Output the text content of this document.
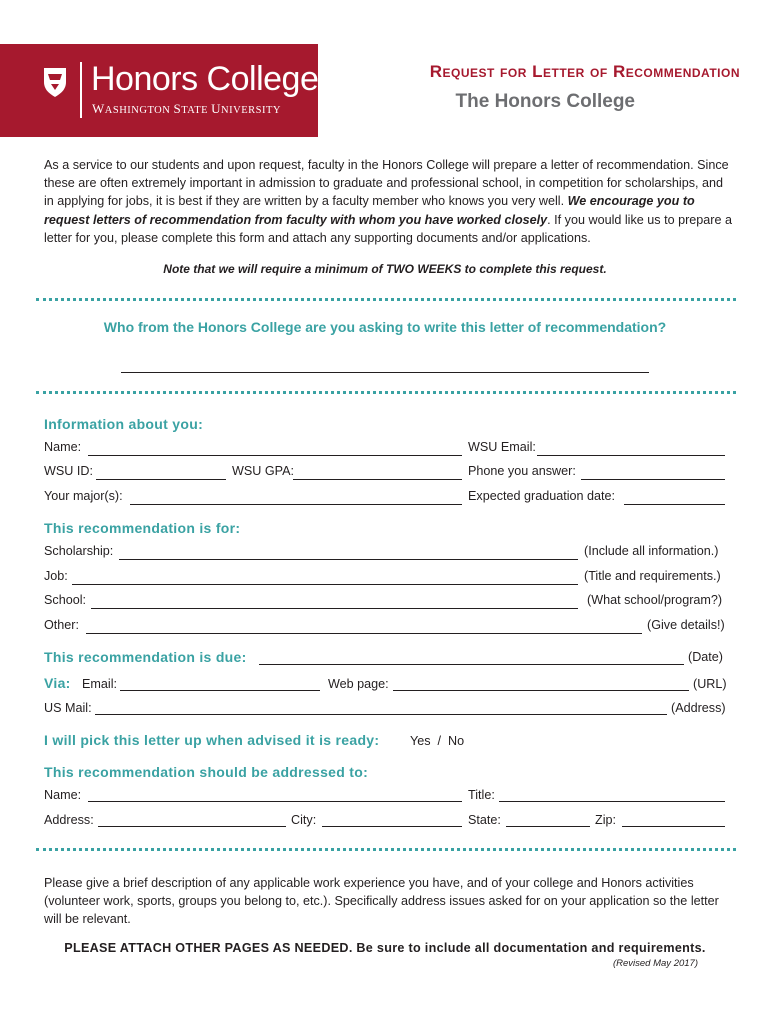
Honors College
WASHINGTON STATE UNIVERSITY
Request for Letter of Recommendation
The Honors College
As a service to our students and upon request, faculty in the Honors College will prepare a letter of recommendation. Since these are often extremely important in admission to graduate and professional school, in competition for scholarships, and in applying for jobs, it is best if they are written by a faculty member who knows you very well. We encourage you to request letters of recommendation from faculty with whom you have worked closely. If you would like us to prepare a letter for you, please complete this form and attach any supporting documents and/or applications.
Note that we will require a minimum of TWO WEEKS to complete this request.
Who from the Honors College are you asking to write this letter of recommendation?
Information about you:
Name:	WSU Email:
WSU ID:	WSU GPA:	Phone you answer:
Your major(s):	Expected graduation date:
This recommendation is for:
Scholarship:	(Include all information.)
Job:	(Title and requirements.)
School:	(What school/program?)
Other:	(Give details!)
This recommendation is due:	(Date)
Via: Email:	Web page:	(URL)
US Mail:	(Address)
I will pick this letter up when advised it is ready: Yes  /  No
This recommendation should be addressed to:
Name:	Title:
Address:	City:	State:	Zip:
Please give a brief description of any applicable work experience you have, and of your college and Honors activities (volunteer work, sports, groups you belong to, etc.). Specifically address issues asked for on your application so the letter will be relevant.
PLEASE ATTACH OTHER PAGES AS NEEDED. Be sure to include all documentation and requirements.
(Revised May 2017)
